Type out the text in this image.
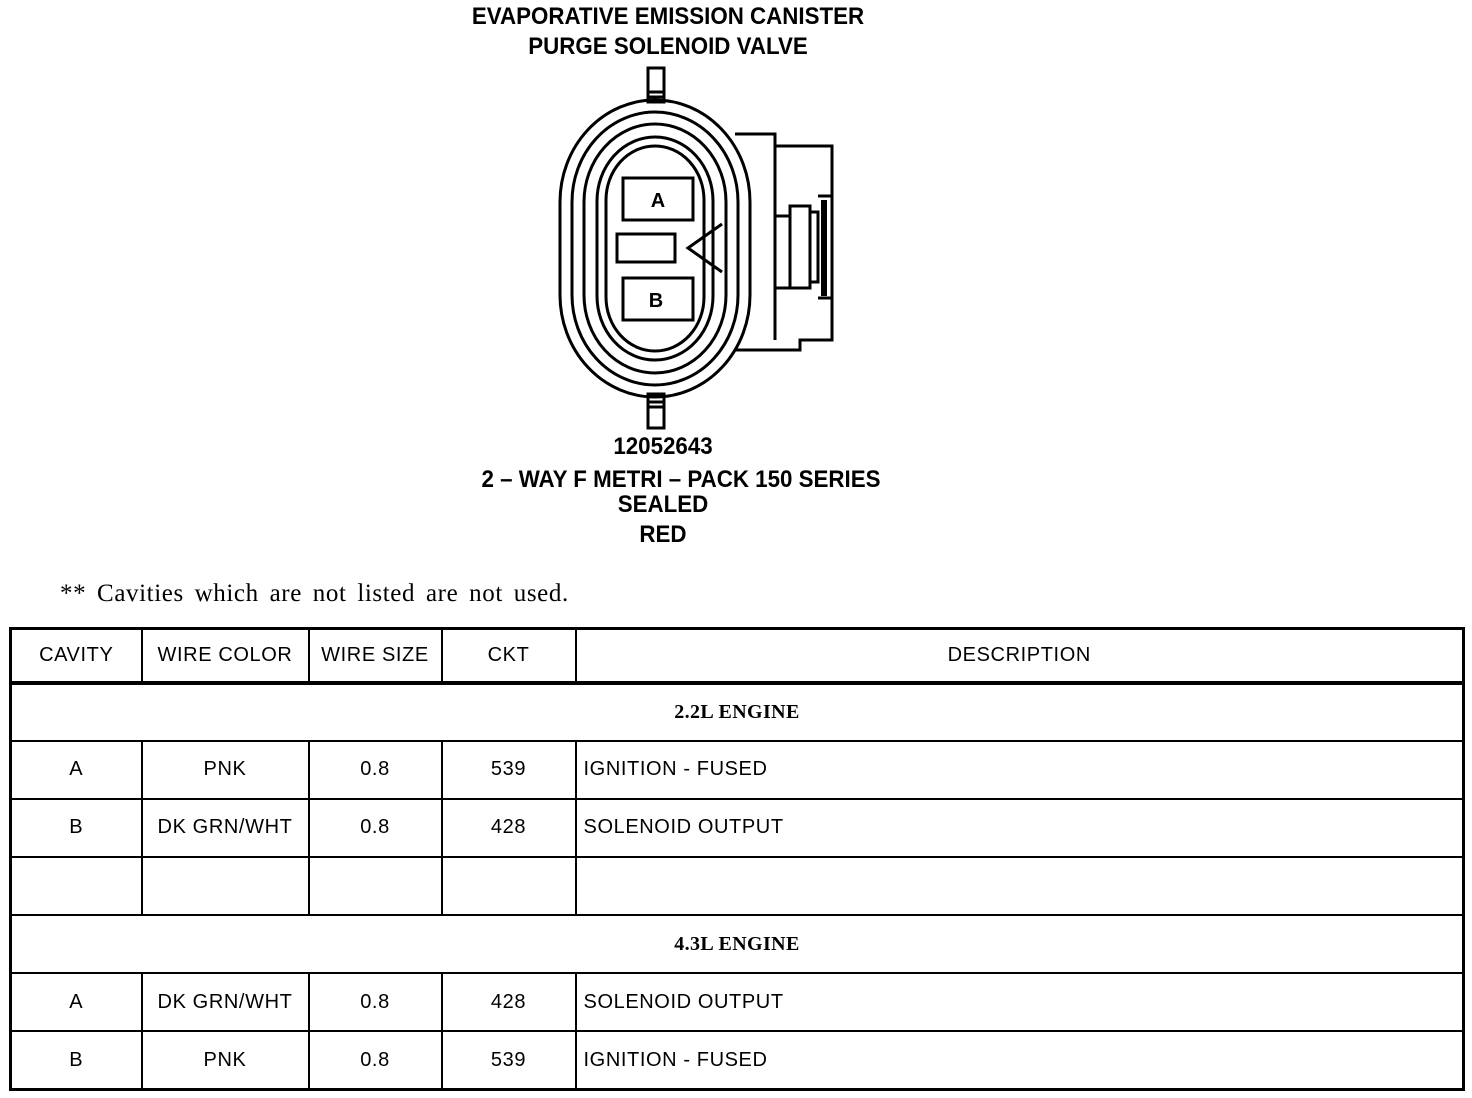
EVAPORATIVE EMISSION CANISTER
PURGE SOLENOID VALVE
A
B
12052643
2 – WAY F METRI – PACK 150 SERIES
SEALED
RED
** Cavities which are not listed are not used.
CAVITY	WIRE COLOR	WIRE SIZE	CKT	DESCRIPTION
2.2L ENGINE				
A	PNK	0.8	539	IGNITION - FUSED
B	DK GRN/WHT	0.8	428	SOLENOID OUTPUT

4.3L ENGINE				
A	DK GRN/WHT	0.8	428	SOLENOID OUTPUT
B	PNK	0.8	539	IGNITION - FUSED
